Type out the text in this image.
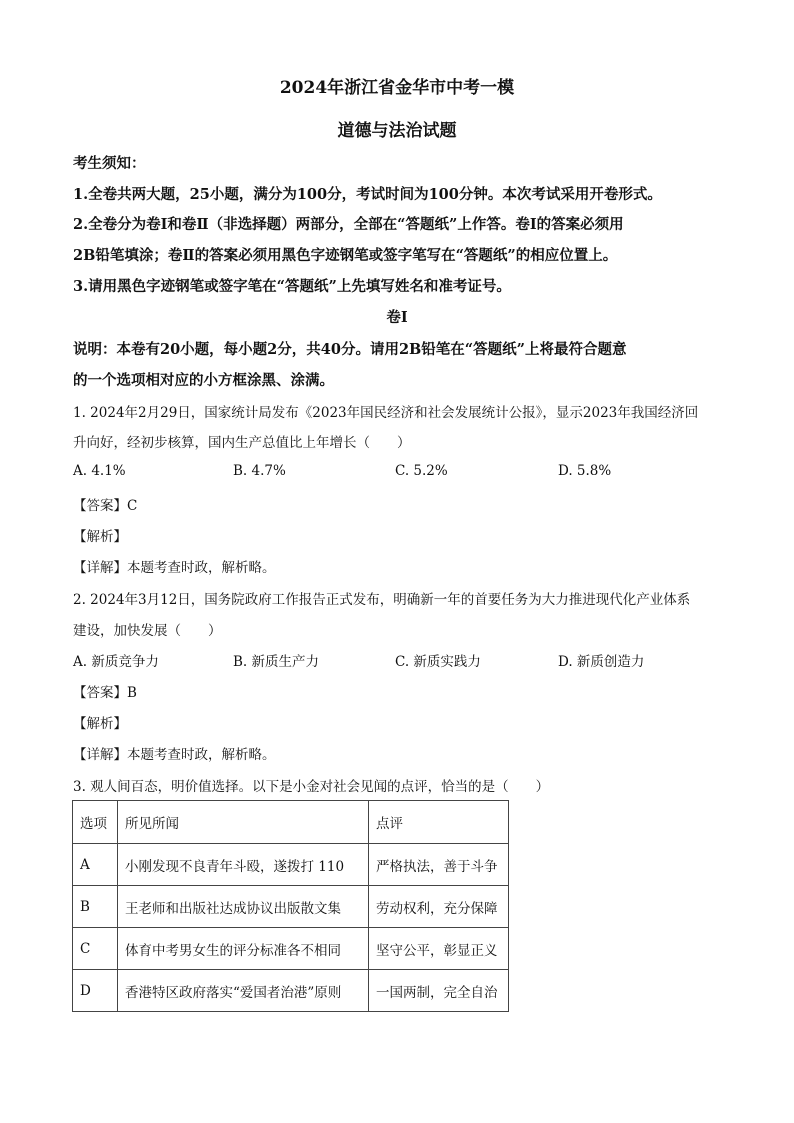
2024年浙江省金华市中考一模
道德与法治试题
考生须知：
1.全卷共两大题，25小题，满分为100分，考试时间为100分钟。本次考试采用开卷形式。
2.全卷分为卷Ⅰ和卷Ⅱ（非选择题）两部分，全部在“答题纸”上作答。卷Ⅰ的答案必须用
2B铅笔填涂；卷Ⅱ的答案必须用黑色字迹钢笔或签字笔写在“答题纸”的相应位置上。
3.请用黑色字迹钢笔或签字笔在“答题纸”上先填写姓名和准考证号。
卷Ⅰ
说明：本卷有20小题，每小题2分，共40分。请用2B铅笔在“答题纸”上将最符合题意
的一个选项相对应的小方框涂黑、涂满。
1. 2024年2月29日，国家统计局发布《2023年国民经济和社会发展统计公报》，显示2023年我国经济回
升向好，经初步核算，国内生产总值比上年增长（　　）
A. 4.1%	B. 4.7%	C. 5.2%	D. 5.8%
【答案】C
【解析】
【详解】本题考查时政，解析略。
2. 2024年3月12日，国务院政府工作报告正式发布，明确新一年的首要任务为大力推进现代化产业体系
建设，加快发展（　　）
A. 新质竞争力	B. 新质生产力	C. 新质实践力	D. 新质创造力
【答案】B
【解析】
【详解】本题考查时政，解析略。
3. 观人间百态，明价值选择。以下是小金对社会见闻的点评，恰当的是（　　）
选项	所见所闻	点评
A	小刚发现不良青年斗殴，遂拨打 110	严格执法，善于斗争
B	王老师和出版社达成协议出版散文集	劳动权利，充分保障
C	体育中考男女生的评分标准各不相同	坚守公平，彰显正义
D	香港特区政府落实“爱国者治港”原则	一国两制，完全自治
